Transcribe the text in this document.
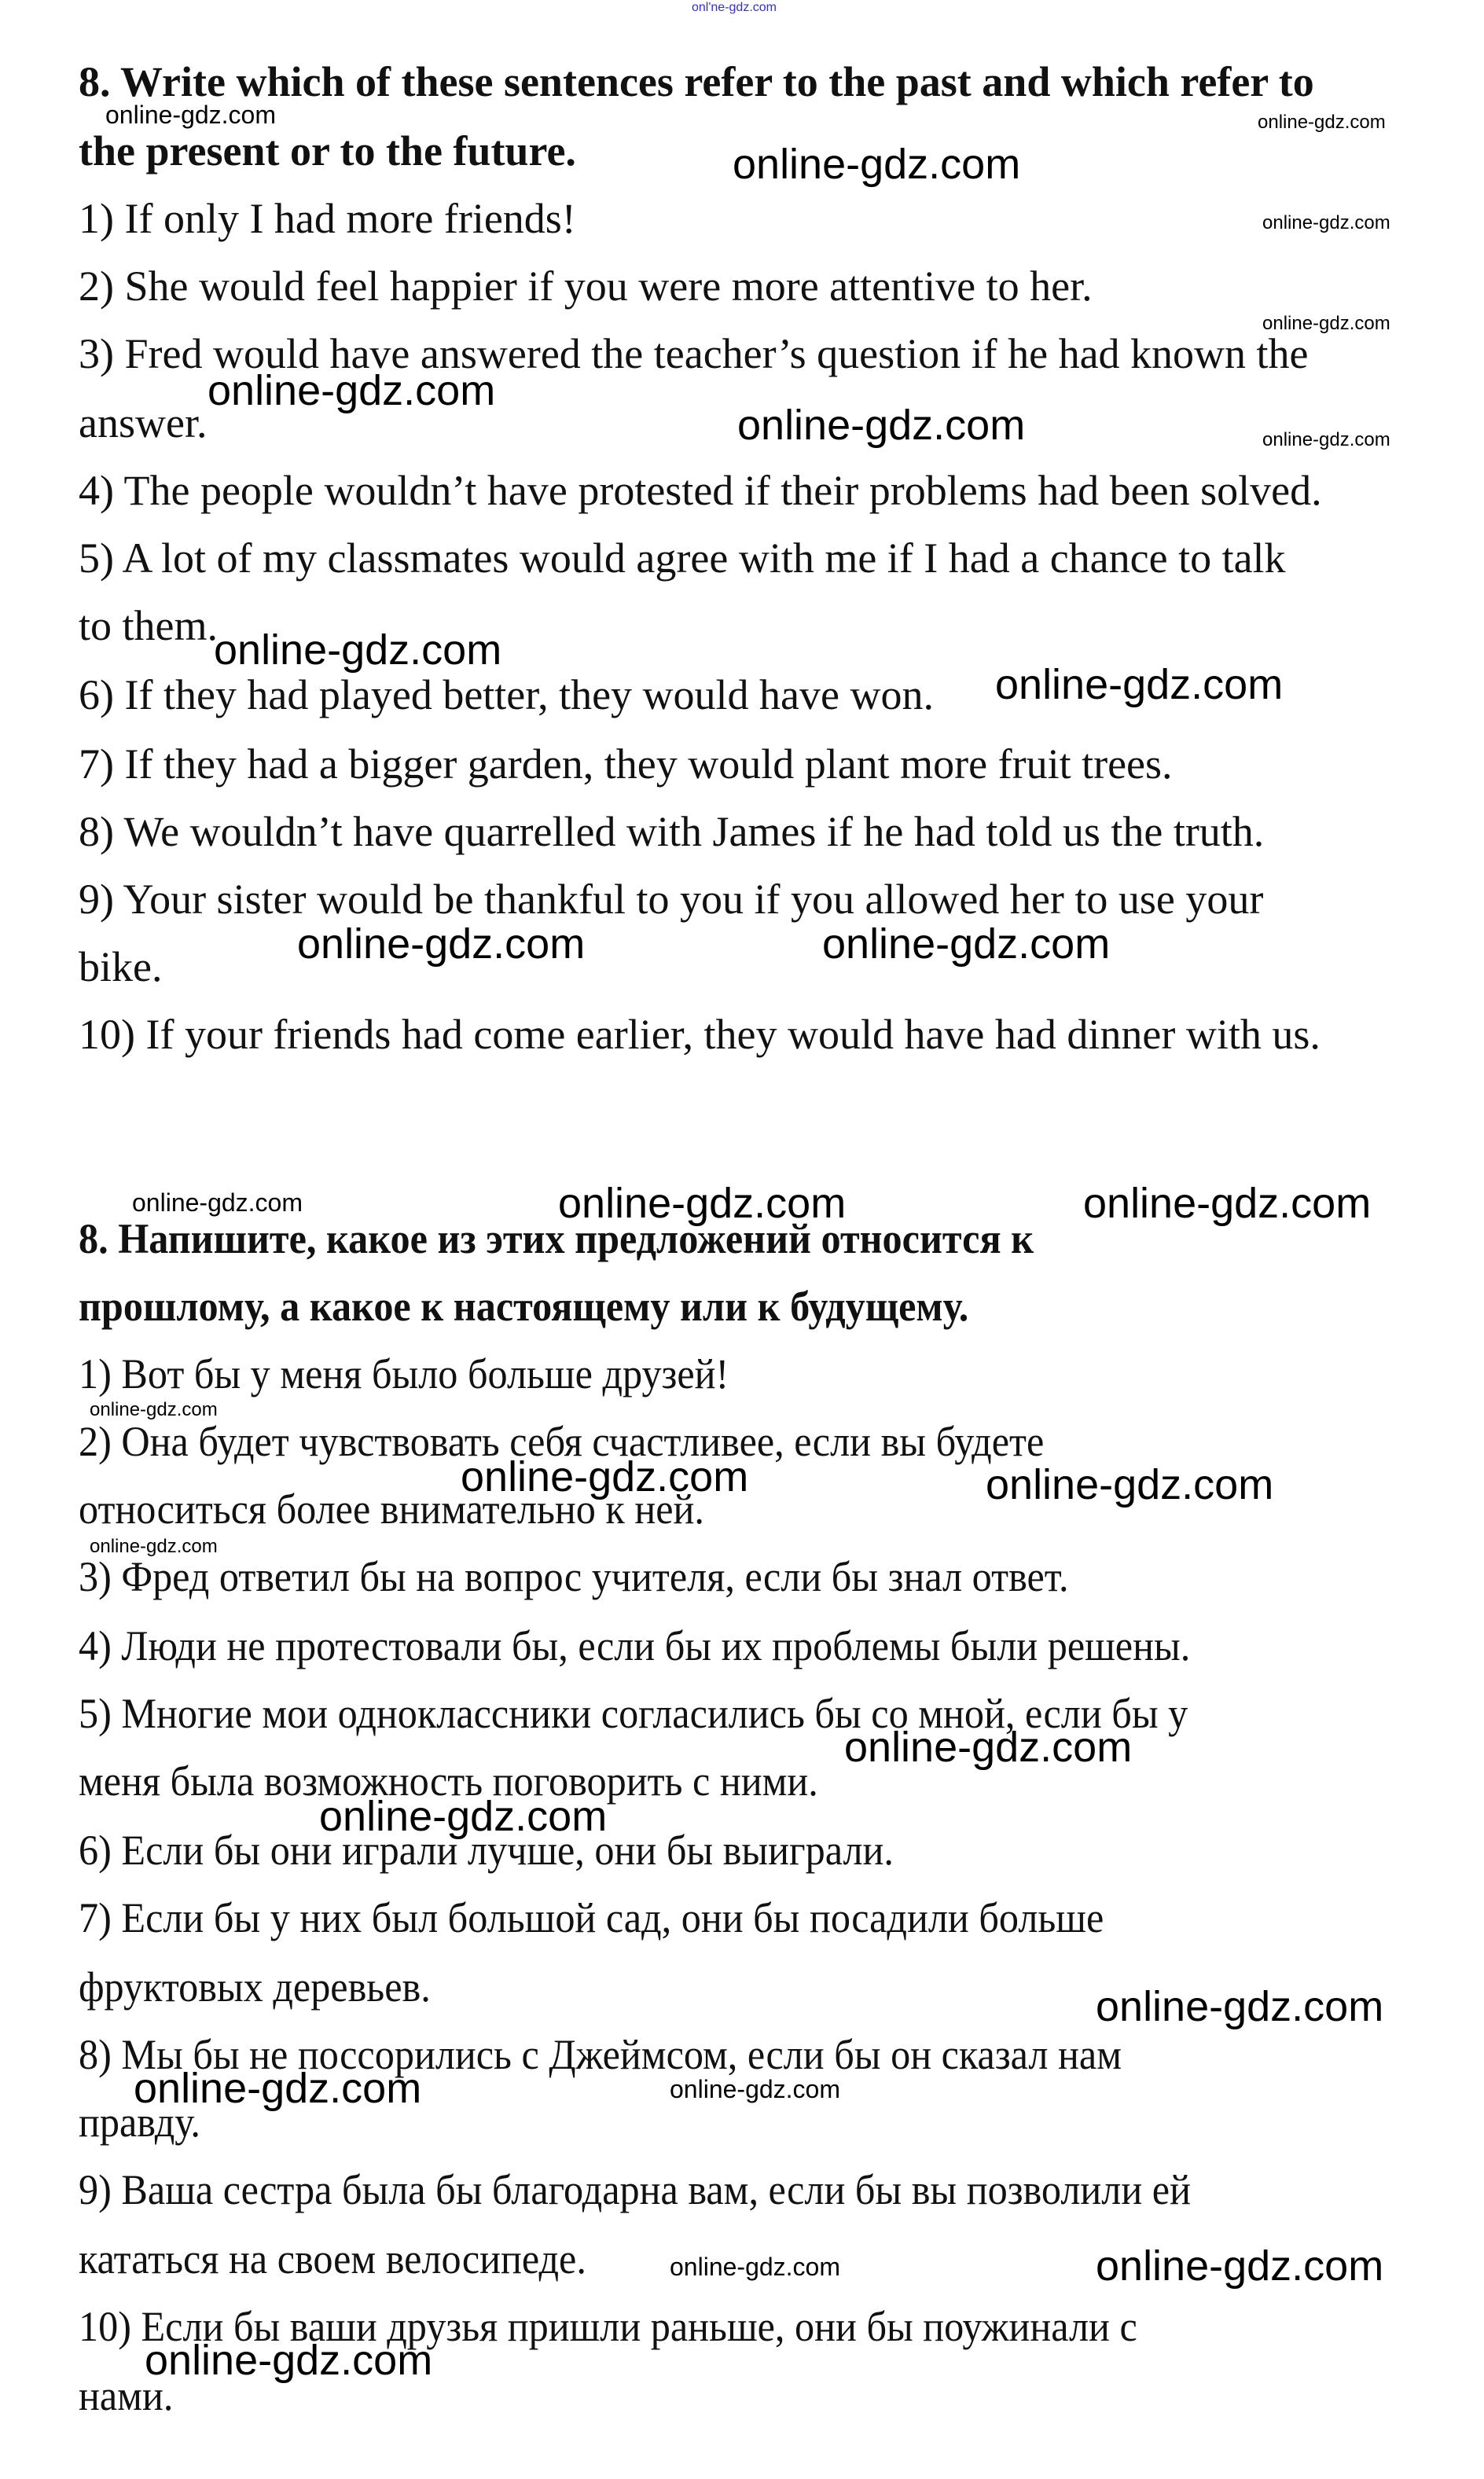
onl'ne-gdz.com
8. Write which of these sentences refer to the past and which refer to
the present or to the future.
1) If only I had more friends!
2) She would feel happier if you were more attentive to her.
3) Fred would have answered the teacher’s question if he had known the
answer.
4) The people wouldn’t have protested if their problems had been solved.
5) A lot of my classmates would agree with me if I had a chance to talk
to them.
6) If they had played better, they would have won.
7) If they had a bigger garden, they would plant more fruit trees.
8) We wouldn’t have quarrelled with James if he had told us the truth.
9) Your sister would be thankful to you if you allowed her to use your
bike.
10) If your friends had come earlier, they would have had dinner with us.
8. Напишите, какое из этих предложений относится к
прошлому, а какое к настоящему или к будущему.
1) Вот бы у меня было больше друзей!
2) Она будет чувствовать себя счастливее, если вы будете
относиться более внимательно к ней.
3) Фред ответил бы на вопрос учителя, если бы знал ответ.
4) Люди не протестовали бы, если бы их проблемы были решены.
5) Многие мои одноклассники согласились бы со мной, если бы у
меня была возможность поговорить с ними.
6) Если бы они играли лучше, они бы выиграли.
7) Если бы у них был большой сад, они бы посадили больше
фруктовых деревьев.
8) Мы бы не поссорились с Джеймсом, если бы он сказал нам
правду.
9) Ваша сестра была бы благодарна вам, если бы вы позволили ей
кататься на своем велосипеде.
10) Если бы ваши друзья пришли раньше, они бы поужинали с
нами.
online-gdz.com	online-gdz.com
online-gdz.com
online-gdz.com
online-gdz.com
online-gdz.com
online-gdz.com	online-gdz.com
online-gdz.com
online-gdz.com
online-gdz.com	online-gdz.com
online-gdz.com	online-gdz.com	online-gdz.com
online-gdz.com
online-gdz.com	online-gdz.com
online-gdz.com
online-gdz.com
online-gdz.com
online-gdz.com
online-gdz.com	online-gdz.com
online-gdz.com
online-gdz.com
online-gdz.com
